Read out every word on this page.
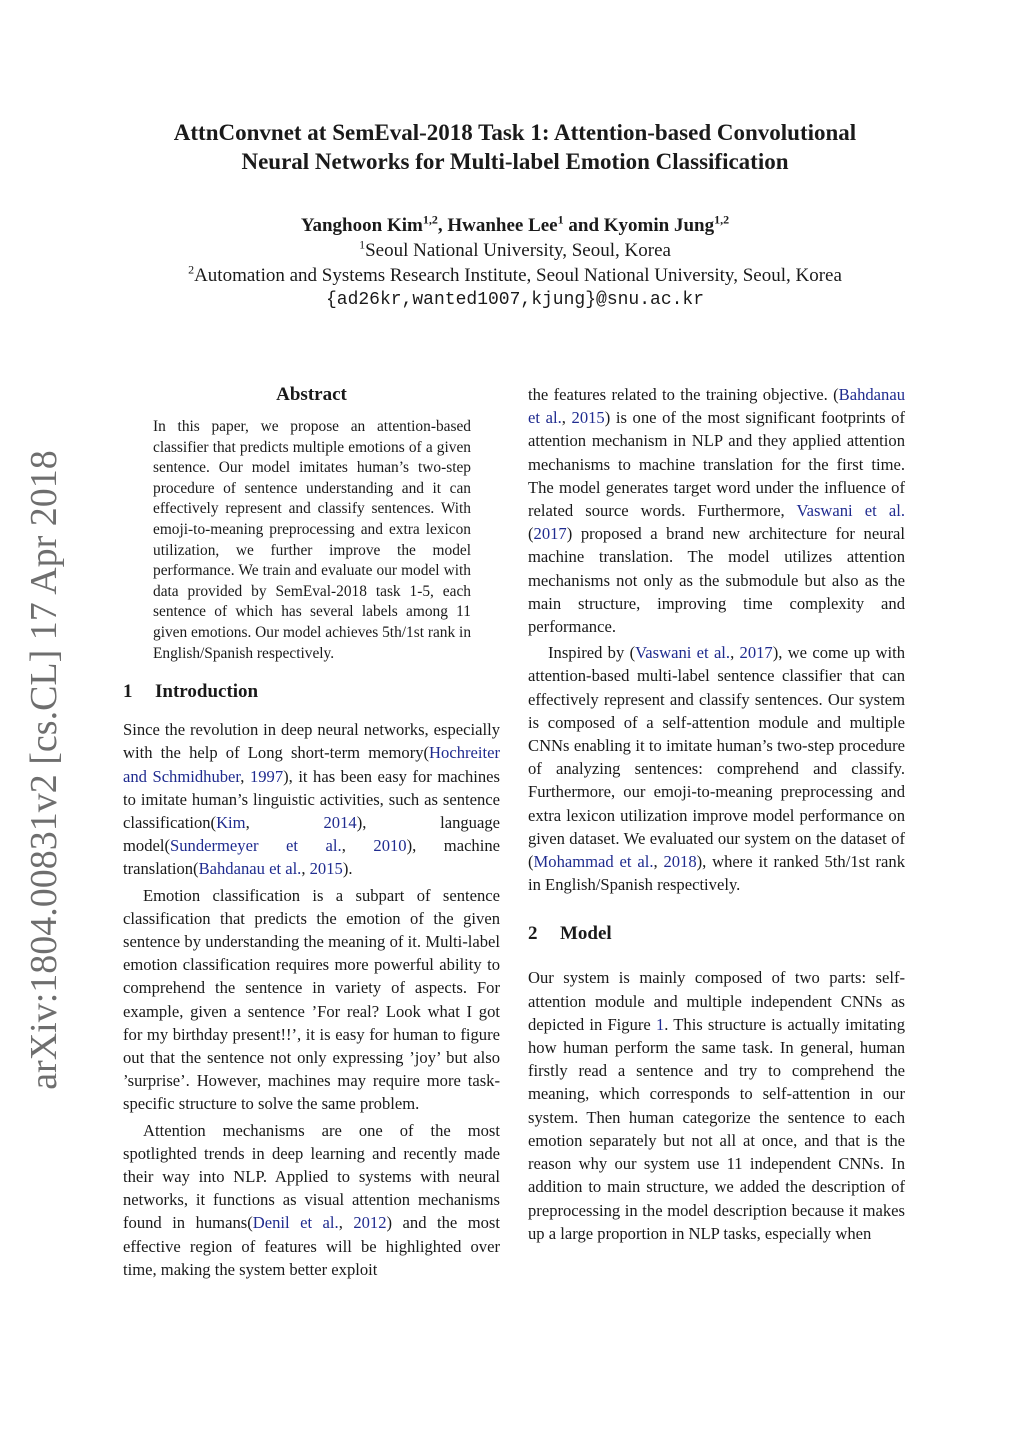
arXiv:1804.00831v2 [cs.CL] 17 Apr 2018
AttnConvnet at SemEval-2018 Task 1: Attention-based Convolutional
Neural Networks for Multi-label Emotion Classification
Yanghoon Kim$^{1,2}$, Hwanhee Lee$^1$ and Kyomin Jung$^{1,2}$
$^1$Seoul National University, Seoul, Korea
$^2$Automation and Systems Research Institute, Seoul National University, Seoul, Korea
{ad26kr,wanted1007,kjung}@snu.ac.kr
Abstract
In this paper, we propose an attention-based classifier that predicts multiple emotions of a given sentence. Our model imitates human’s two-step procedure of sentence understanding and it can effectively represent and classify sentences. With emoji-to-meaning preprocessing and extra lexicon utilization, we further improve the model performance. We train and evaluate our model with data provided by SemEval-2018 task 1-5, each sentence of which has several labels among 11 given emotions. Our model achieves 5th/1st rank in English/Spanish respectively.
1 Introduction

Since the revolution in deep neural networks, especially with the help of Long short-term memory(Hochreiter and Schmidhuber, 1997), it has been easy for machines to imitate human’s linguistic activities, such as sentence classification(Kim, 2014), language model(Sundermeyer et al., 2010), machine translation(Bahdanau et al., 2015).

Emotion classification is a subpart of sentence classification that predicts the emotion of the given sentence by understanding the meaning of it. Multi-label emotion classification requires more powerful ability to comprehend the sentence in variety of aspects. For example, given a sentence ’For real? Look what I got for my birthday present!!’, it is easy for human to figure out that the sentence not only expressing ’joy’ but also ’surprise’. However, machines may require more task-specific structure to solve the same problem.

Attention mechanisms are one of the most spotlighted trends in deep learning and recently made their way into NLP. Applied to systems with neural networks, it functions as visual attention mechanisms found in humans(Denil et al., 2012) and the most effective region of features will be highlighted over time, making the system better exploit

the features related to the training objective. (Bahdanau et al., 2015) is one of the most significant footprints of attention mechanism in NLP and they applied attention mechanisms to machine translation for the first time. The model generates target word under the influence of related source words. Furthermore, Vaswani et al. (2017) proposed a brand new architecture for neural machine translation. The model utilizes attention mechanisms not only as the submodule but also as the main structure, improving time complexity and performance.

Inspired by (Vaswani et al., 2017), we come up with attention-based multi-label sentence classifier that can effectively represent and classify sentences. Our system is composed of a self-attention module and multiple CNNs enabling it to imitate human’s two-step procedure of analyzing sentences: comprehend and classify. Furthermore, our emoji-to-meaning preprocessing and extra lexicon utilization improve model performance on given dataset. We evaluated our system on the dataset of (Mohammad et al., 2018), where it ranked 5th/1st rank in English/Spanish respectively.

2 Model

Our system is mainly composed of two parts: self-attention module and multiple independent CNNs as depicted in Figure 1. This structure is actually imitating how human perform the same task. In general, human firstly read a sentence and try to comprehend the meaning, which corresponds to self-attention in our system. Then human categorize the sentence to each emotion separately but not all at once, and that is the reason why our system use 11 independent CNNs. In addition to main structure, we added the description of preprocessing in the model description because it makes up a large proportion in NLP tasks, especially when
